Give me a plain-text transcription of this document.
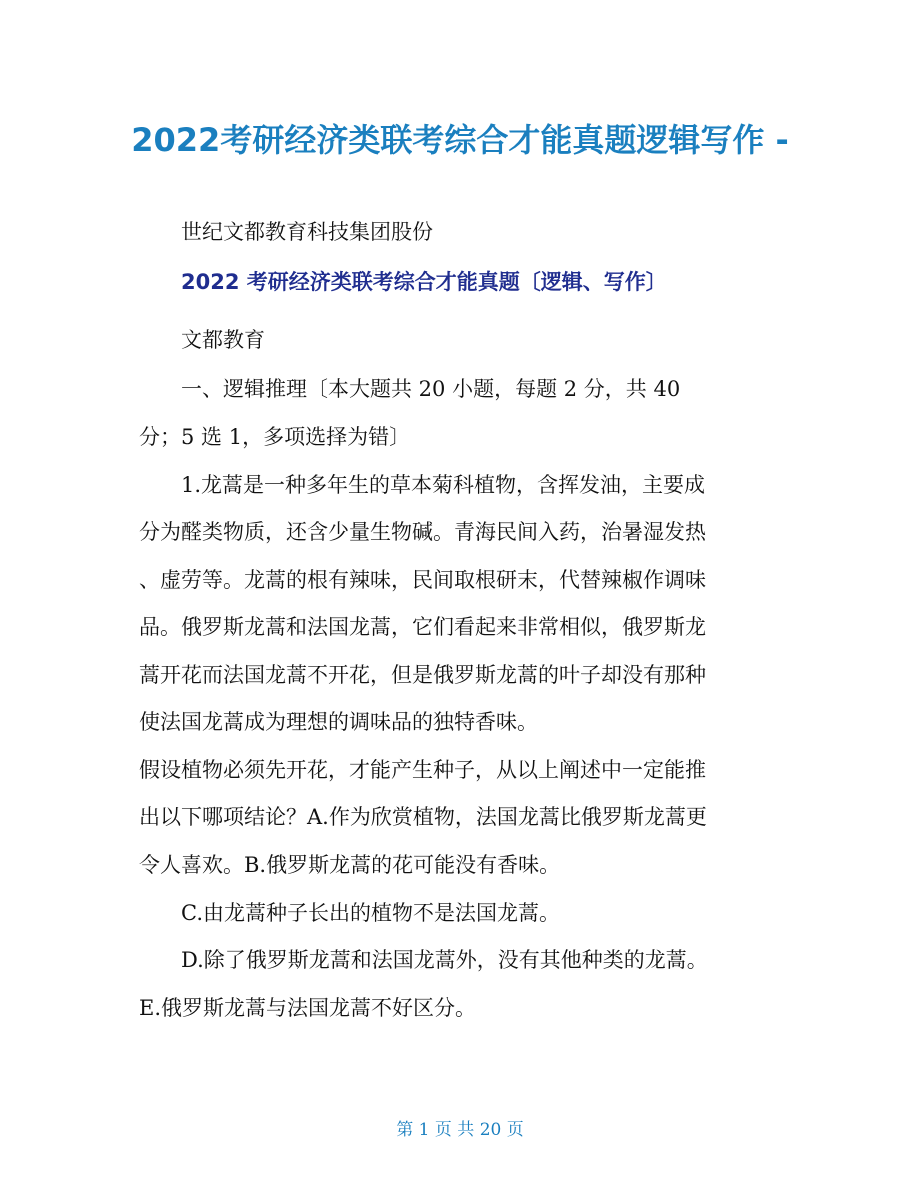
2022考研经济类联考综合才能真题逻辑写作 -
世纪文都教育科技集团股份
2022 考研经济类联考综合才能真题〔逻辑、写作〕
文都教育
一、逻辑推理〔本大题共 20 小题，每题 2 分，共 40
分；5 选 1，多项选择为错〕
1.龙蒿是一种多年生的草本菊科植物，含挥发油，主要成
分为醛类物质，还含少量生物碱。青海民间入药，治暑湿发热
、虚劳等。龙蒿的根有辣味，民间取根研末，代替辣椒作调味
品。俄罗斯龙蒿和法国龙蒿，它们看起来非常相似，俄罗斯龙
蒿开花而法国龙蒿不开花，但是俄罗斯龙蒿的叶子却没有那种
使法国龙蒿成为理想的调味品的独特香味。
假设植物必须先开花，才能产生种子，从以上阐述中一定能推
出以下哪项结论？A.作为欣赏植物，法国龙蒿比俄罗斯龙蒿更
令人喜欢。B.俄罗斯龙蒿的花可能没有香味。
C.由龙蒿种子长出的植物不是法国龙蒿。
D.除了俄罗斯龙蒿和法国龙蒿外，没有其他种类的龙蒿。
E.俄罗斯龙蒿与法国龙蒿不好区分。
第 1 页 共 20 页
